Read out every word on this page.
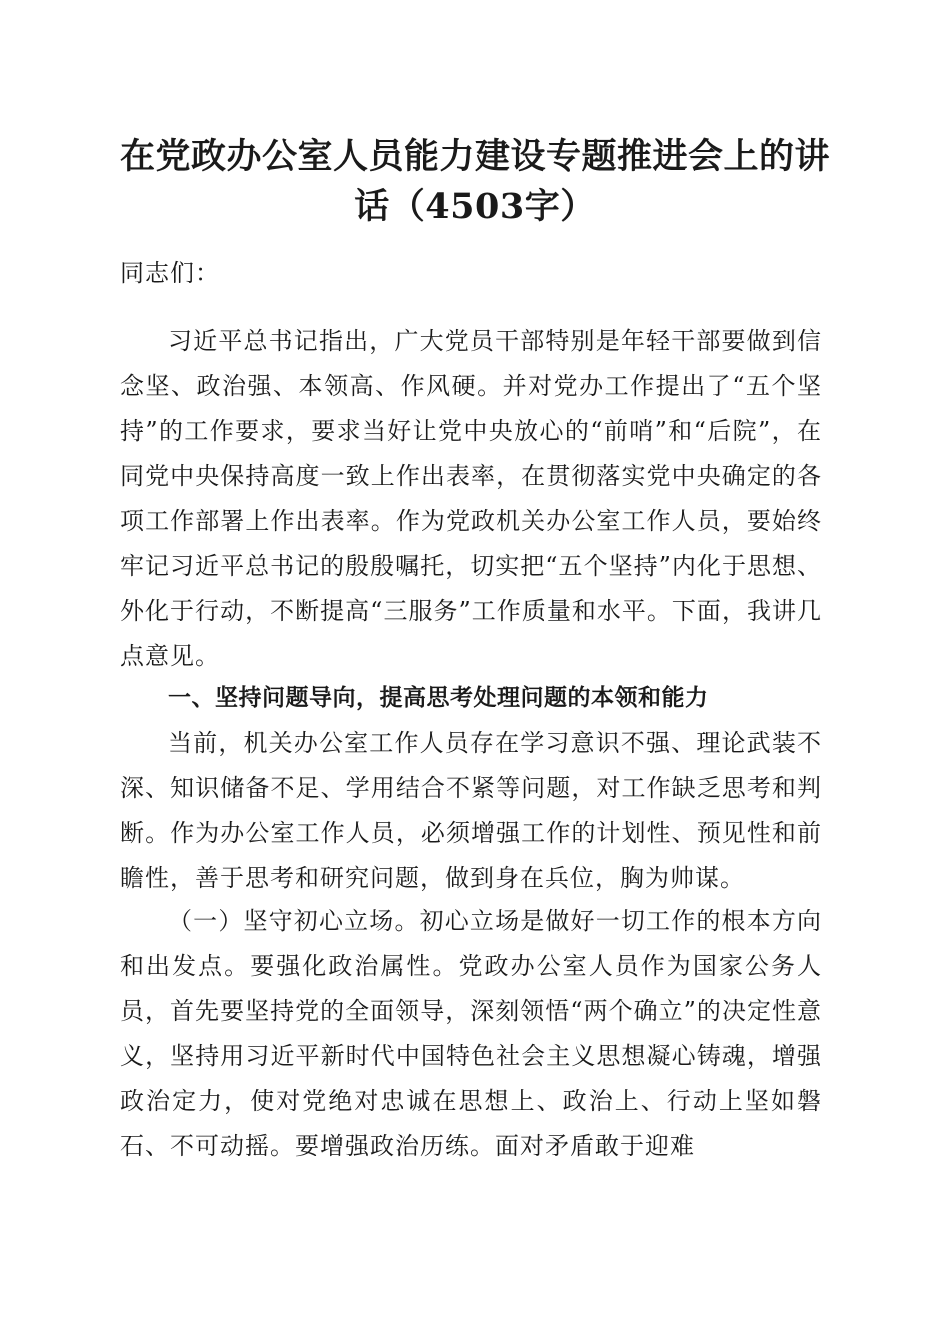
在党政办公室人员能力建设专题推进会上的讲话（4503字）

同志们：

习近平总书记指出，广大党员干部特别是年轻干部要做到信念坚、政治强、本领高、作风硬。并对党办工作提出了“五个坚持”的工作要求，要求当好让党中央放心的“前哨”和“后院”，在同党中央保持高度一致上作出表率，在贯彻落实党中央确定的各项工作部署上作出表率。作为党政机关办公室工作人员，要始终牢记习近平总书记的殷殷嘱托，切实把“五个坚持”内化于思想、外化于行动，不断提高“三服务”工作质量和水平。下面，我讲几点意见。

一、坚持问题导向，提高思考处理问题的本领和能力

当前，机关办公室工作人员存在学习意识不强、理论武装不深、知识储备不足、学用结合不紧等问题，对工作缺乏思考和判断。作为办公室工作人员，必须增强工作的计划性、预见性和前瞻性，善于思考和研究问题，做到身在兵位，胸为帅谋。

（一）坚守初心立场。初心立场是做好一切工作的根本方向和出发点。要强化政治属性。党政办公室人员作为国家公务人员，首先要坚持党的全面领导，深刻领悟“两个确立”的决定性意义，坚持用习近平新时代中国特色社会主义思想凝心铸魂，增强政治定力，使对党绝对忠诚在思想上、政治上、行动上坚如磐石、不可动摇。要增强政治历练。面对矛盾敢于迎难
